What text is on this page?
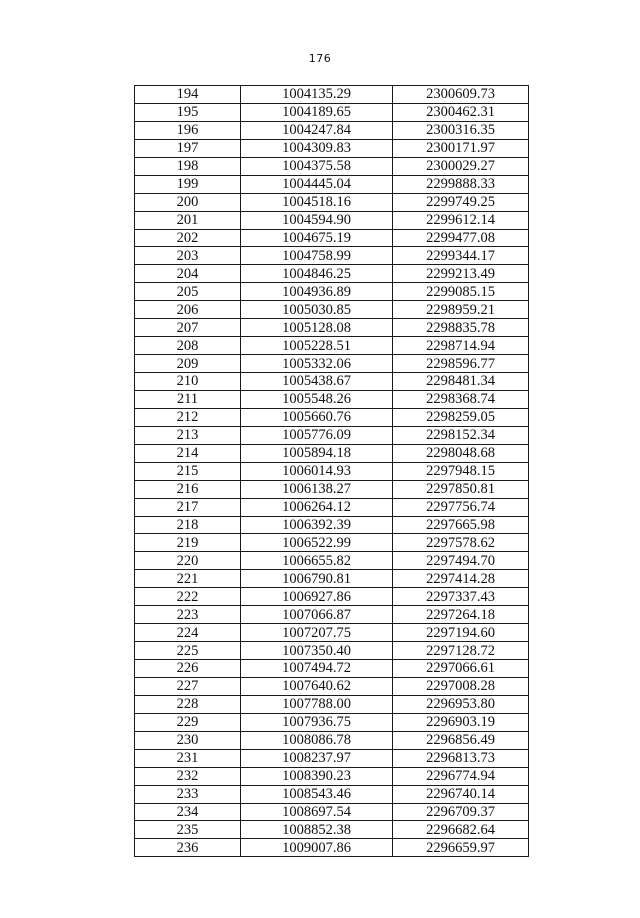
176
194	1004135.29	2300609.73
195	1004189.65	2300462.31
196	1004247.84	2300316.35
197	1004309.83	2300171.97
198	1004375.58	2300029.27
199	1004445.04	2299888.33
200	1004518.16	2299749.25
201	1004594.90	2299612.14
202	1004675.19	2299477.08
203	1004758.99	2299344.17
204	1004846.25	2299213.49
205	1004936.89	2299085.15
206	1005030.85	2298959.21
207	1005128.08	2298835.78
208	1005228.51	2298714.94
209	1005332.06	2298596.77
210	1005438.67	2298481.34
211	1005548.26	2298368.74
212	1005660.76	2298259.05
213	1005776.09	2298152.34
214	1005894.18	2298048.68
215	1006014.93	2297948.15
216	1006138.27	2297850.81
217	1006264.12	2297756.74
218	1006392.39	2297665.98
219	1006522.99	2297578.62
220	1006655.82	2297494.70
221	1006790.81	2297414.28
222	1006927.86	2297337.43
223	1007066.87	2297264.18
224	1007207.75	2297194.60
225	1007350.40	2297128.72
226	1007494.72	2297066.61
227	1007640.62	2297008.28
228	1007788.00	2296953.80
229	1007936.75	2296903.19
230	1008086.78	2296856.49
231	1008237.97	2296813.73
232	1008390.23	2296774.94
233	1008543.46	2296740.14
234	1008697.54	2296709.37
235	1008852.38	2296682.64
236	1009007.86	2296659.97
